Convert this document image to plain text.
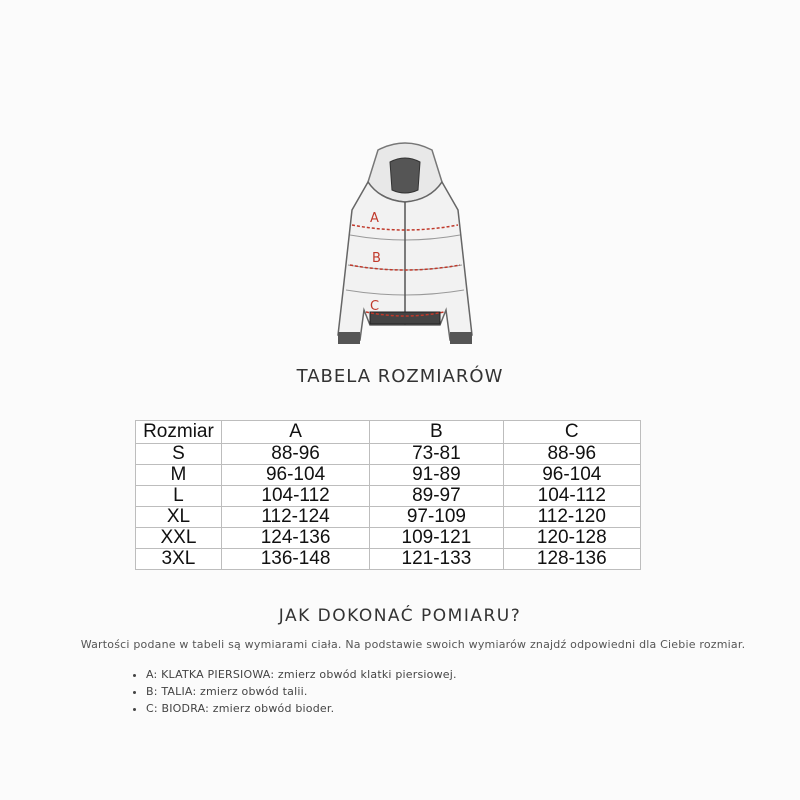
A
B
C
TABELA ROZMIARÓW
Rozmiar	A	B	C
S	88-96	73-81	88-96
M	96-104	91-89	96-104
L	104-112	89-97	104-112
XL	112-124	97-109	112-120
XXL	124-136	109-121	120-128
3XL	136-148	121-133	128-136
JAK DOKONAĆ POMIARU?
Wartości podane w tabeli są wymiarami ciała. Na podstawie swoich wymiarów znajdź odpowiedni dla Ciebie rozmiar.
• A: KLATKA PIERSIOWA: zmierz obwód klatki piersiowej.
• B: TALIA: zmierz obwód talii.
• C: BIODRA: zmierz obwód bioder.
